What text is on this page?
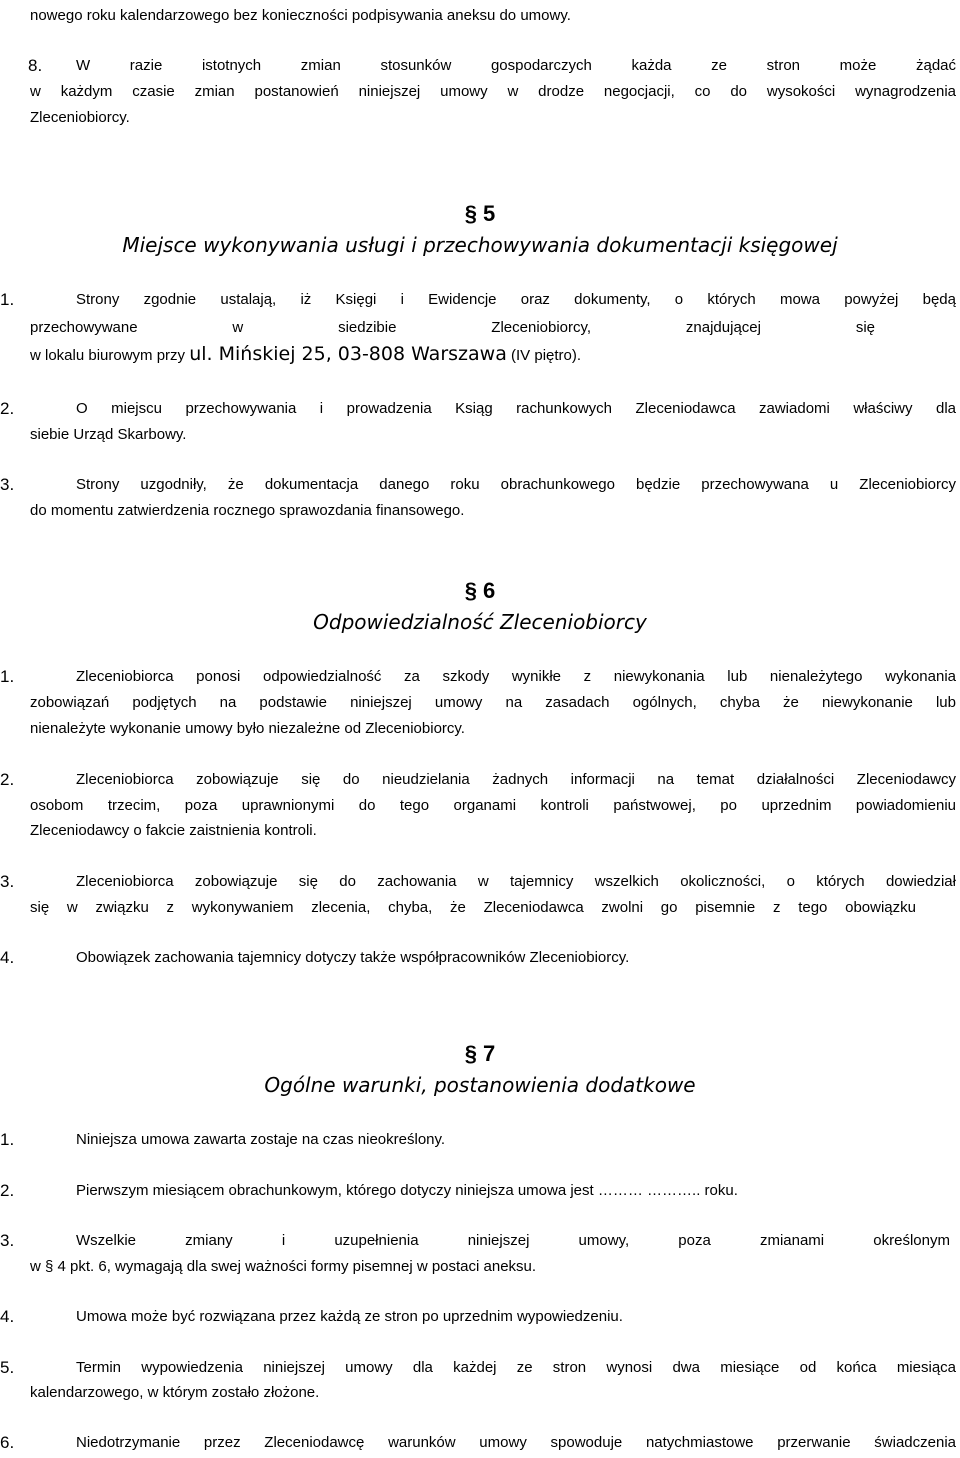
nowego roku kalendarzowego bez konieczności podpisywania aneksu do umowy.
8. W razie istotnych zmian stosunków gospodarczych każda ze stron może żądać
w każdym czasie zmian postanowień niniejszej umowy w drodze negocjacji, co do wysokości wynagrodzenia
Zleceniobiorcy.
§ 5
Miejsce wykonywania usługi i przechowywania dokumentacji księgowej
1.	Strony zgodnie ustalają, iż Księgi i Ewidencje oraz dokumenty, o których mowa powyżej będą
przechowywane w siedzibie Zleceniobiorcy, znajdującej się
w lokalu biurowym przy ul. Mińskiej 25, 03-808 Warszawa (IV piętro).
2.	O miejscu przechowywania i prowadzenia Ksiąg rachunkowych Zleceniodawca zawiadomi właściwy dla
siebie Urząd Skarbowy.
3.	Strony uzgodniły, że dokumentacja danego roku obrachunkowego będzie przechowywana u Zleceniobiorcy
do momentu zatwierdzenia rocznego sprawozdania finansowego.
§ 6
Odpowiedzialność Zleceniobiorcy
1.	Zleceniobiorca ponosi odpowiedzialność za szkody wynikłe z niewykonania lub nienależytego wykonania
zobowiązań podjętych na podstawie niniejszej umowy na zasadach ogólnych, chyba że niewykonanie lub
nienależyte wykonanie umowy było niezależne od Zleceniobiorcy.
2.	Zleceniobiorca zobowiązuje się do nieudzielania żadnych informacji na temat działalności Zleceniodawcy
osobom trzecim, poza uprawnionymi do tego organami kontroli państwowej, po uprzednim powiadomieniu
Zleceniodawcy o fakcie zaistnienia kontroli.
3.	Zleceniobiorca zobowiązuje się do zachowania w tajemnicy wszelkich okoliczności, o których dowiedział
się w związku z wykonywaniem zlecenia, chyba, że Zleceniodawca zwolni go pisemnie z tego obowiązku
4.	Obowiązek zachowania tajemnicy dotyczy także współpracowników Zleceniobiorcy.
§ 7
Ogólne warunki, postanowienia dodatkowe
1.	Niniejsza umowa zawarta zostaje na czas nieokreślony.
2.	Pierwszym miesiącem obrachunkowym, którego dotyczy niniejsza umowa jest ……… ……….. roku.
3.	Wszelkie zmiany i uzupełnienia niniejszej umowy, poza zmianami określonym
w § 4 pkt. 6, wymagają dla swej ważności formy pisemnej w postaci aneksu.
4.	Umowa może być rozwiązana przez każdą ze stron po uprzednim wypowiedzeniu.
5.	Termin wypowiedzenia niniejszej umowy dla każdej ze stron wynosi dwa miesiące od końca miesiąca
kalendarzowego, w którym zostało złożone.
6.	Niedotrzymanie przez Zleceniodawcę warunków umowy spowoduje natychmiastowe przerwanie świadczenia
